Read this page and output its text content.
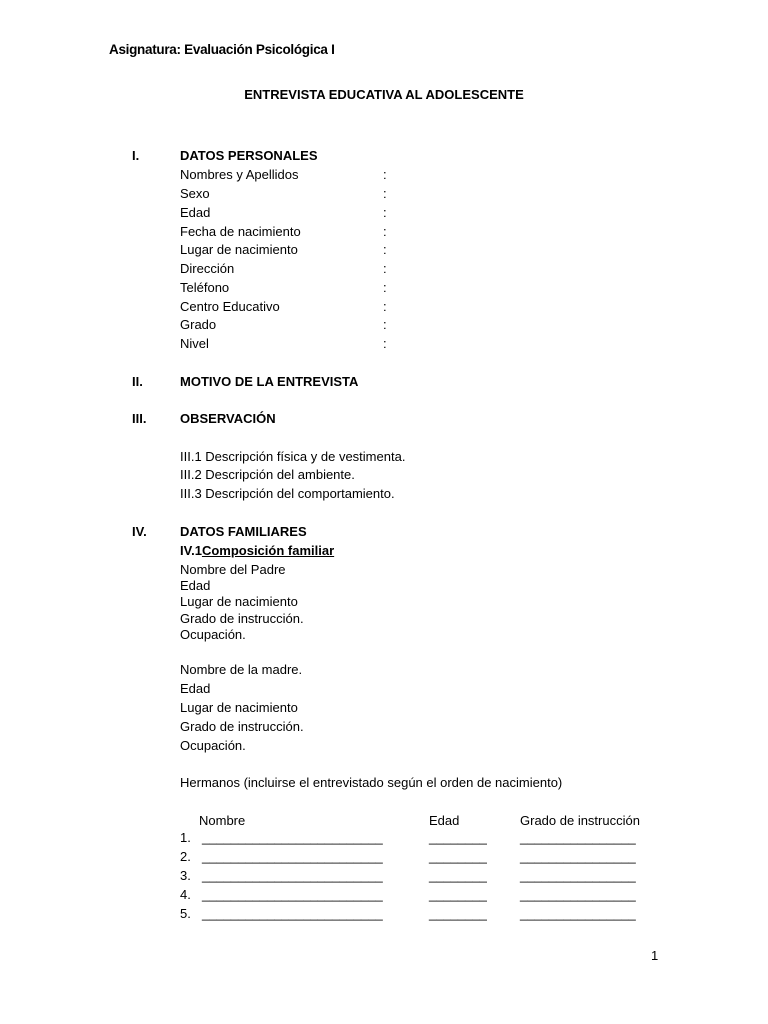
Asignatura: Evaluación Psicológica I
ENTREVISTA EDUCATIVA AL ADOLESCENTE
I.	DATOS PERSONALES
Nombres y Apellidos	:
Sexo	:
Edad	:
Fecha de nacimiento	:
Lugar de nacimiento	:
Dirección	:
Teléfono	:
Centro Educativo	:
Grado	:
Nivel	:
II.	MOTIVO DE LA ENTREVISTA
III.	OBSERVACIÓN
III.1 Descripción física y de vestimenta.
III.2 Descripción del ambiente.
III.3 Descripción del comportamiento.
IV.	DATOS FAMILIARES
IV.1Composición familiar
Nombre del Padre
Edad
Lugar de nacimiento
Grado de instrucción.
Ocupación.
Nombre de la madre.
Edad
Lugar de nacimiento
Grado de instrucción.
Ocupación.
Hermanos (incluirse el entrevistado según el orden de nacimiento)
Nombre	Edad	Grado de instrucción
1. _________________________	________	________________
2. _________________________	________	________________
3. _________________________	________	________________
4. _________________________	________	________________
5. _________________________	________	________________
1
